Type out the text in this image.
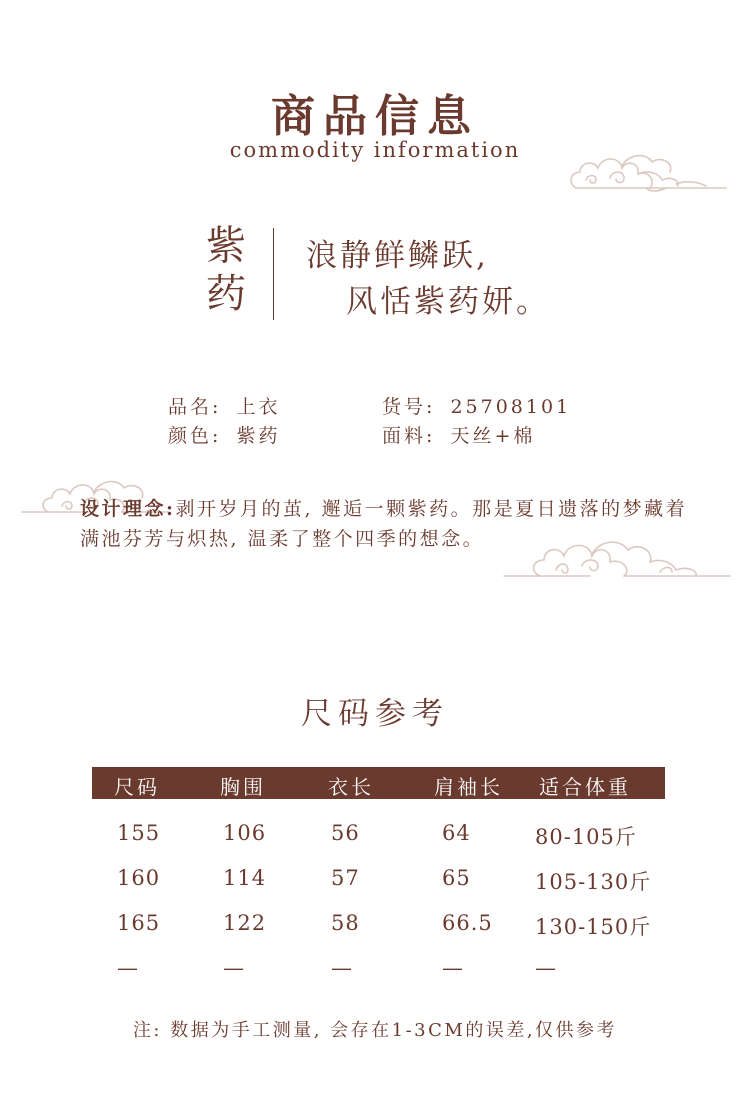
商品信息
commodity information
紫
药
浪静鲜鳞跃,
风恬紫药妍。
品名: 上衣	货号: 25708101
颜色: 紫药	面料: 天丝+棉
设计理念:剥开岁月的茧, 邂逅一颗紫药。那是夏日遗落的梦藏着满池芬芳与炽热, 温柔了整个四季的想念。
尺码参考
尺码	胸围	衣长	肩袖长 适合体重
155	106	56	64	80-105斤
160	114	57	65	105-130斤
165	122	58	66.5 130-150斤
—	—	—	—	—
注: 数据为手工测量, 会存在1-3CM的误差,仅供参考
